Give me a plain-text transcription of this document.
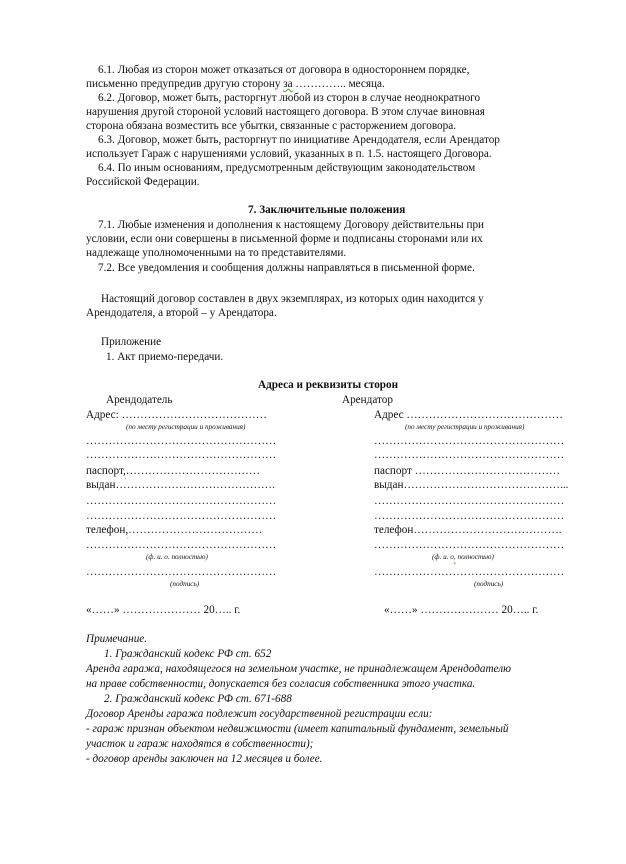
6.1. Любая из сторон может отказаться от договора в одностороннем порядке,
письменно предупредив другую сторону за ………….. месяца.
6.2. Договор, может быть, расторгнут любой из сторон в случае неоднократного
нарушения другой стороной условий настоящего договора. В этом случае виновная
сторона обязана возместить все убытки, связанные с расторжением договора.
6.3. Договор, может быть, расторгнут по инициативе Арендодателя, если Арендатор
использует Гараж с нарушениями условий, указанных в п. 1.5. настоящего Договора.
6.4. По иным основаниям, предусмотренным действующим законодательством
Российской Федерации.
7. Заключительные положения
7.1. Любые изменения и дополнения к настоящему Договору действительны при
условии, если они совершены в письменной форме и подписаны сторонами или их
надлежаще уполномоченными на то представителями.
7.2. Все уведомления и сообщения должны направляться в письменной форме.
Настоящий договор составлен в двух экземплярах, из которых один находится у
Арендодателя, а второй – у Арендатора.
Приложение
1. Акт приемо-передачи.
Адреса и реквизиты сторон
Арендодатель
Адрес: …………………………………
(по месту регистрации и проживания)
……………………………………………
……………………………………………
паспорт,………………………………
выдан…………………………………….
……………………………………………
……………………………………………
телефон,………………………………
……………………………………………
(ф. и. о. полностью)
……………………………………………
(подпись)
«……» ………………… 20….. г.
Арендатор
Адрес ……………………………………
(по месту регистрации и проживания)
……………………………………………
……………………………………………
паспорт …………………………………
выдан……………………………………...
……………………………………………
……………………………………………
телефон………………………………….
……………………………………………
(ф. и. о, полностью)
……………………………………………
(подпись)
«……» ………………… 20….. г.
Примечание.
1. Гражданский кодекс РФ ст. 652
Аренда гаража, находящегося на земельном участке, не принадлежащем Арендодателю
на праве собственности, допускается без согласия собственника этого участка.
2. Гражданский кодекс РФ ст. 671-688
Договор Аренды гаража подлежит государственной регистрации если:
- гараж признан объектом недвижимости (имеет капитальный фундамент, земельный
участок и гараж находятся в собственности);
- договор аренды заключен на 12 месяцев и более.
